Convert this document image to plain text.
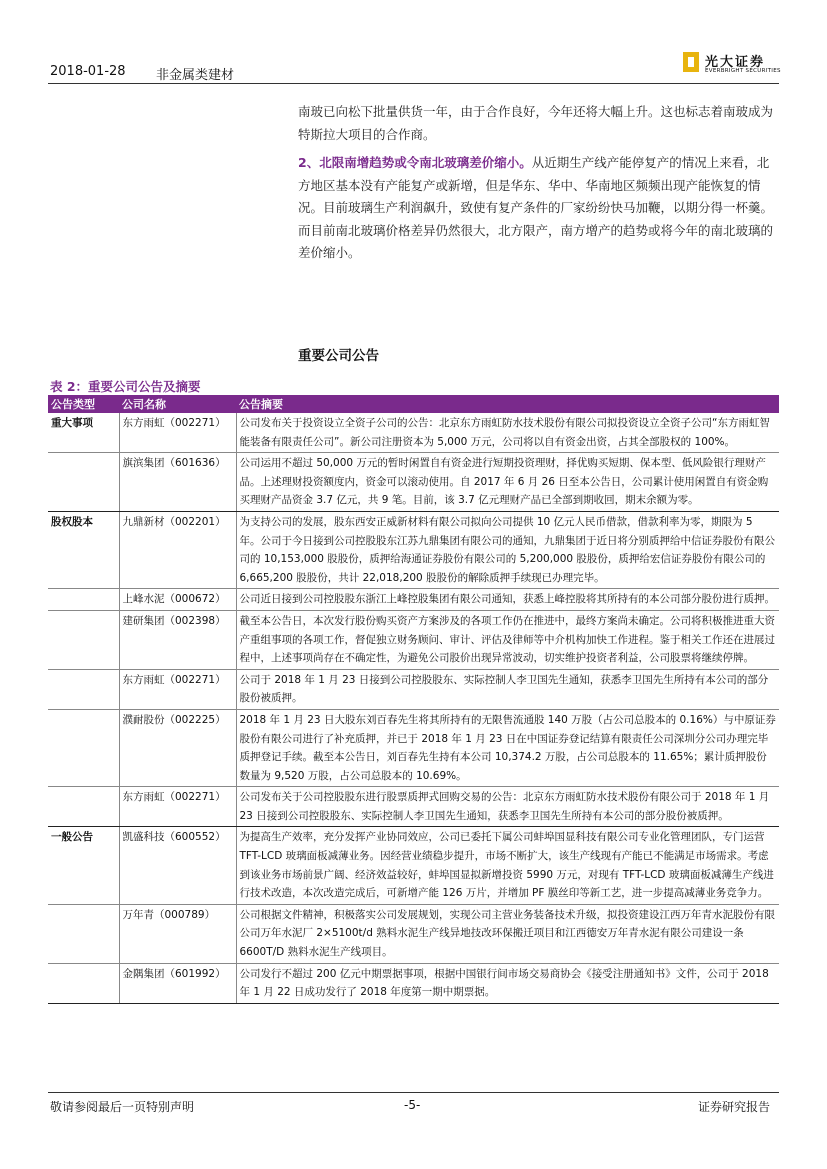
2018-01-28 非金属类建材
光大证券
EVERBRIGHT SECURITIES
南玻已向松下批量供货一年，由于合作良好，今年还将大幅上升。这也标志着南玻成为特斯拉大项目的合作商。
2、北限南增趋势或令南北玻璃差价缩小。从近期生产线产能停复产的情况上来看，北方地区基本没有产能复产或新增，但是华东、华中、华南地区频频出现产能恢复的情况。目前玻璃生产利润飙升，致使有复产条件的厂家纷纷快马加鞭，以期分得一杯羹。而目前南北玻璃价格差异仍然很大，北方限产，南方增产的趋势或将今年的南北玻璃的差价缩小。
重要公司公告
表 2：重要公司公告及摘要
公告类型	公司名称	公告摘要
重大事项	东方雨虹（002271）	公司发布关于投资设立全资子公司的公告：北京东方雨虹防水技术股份有限公司拟投资设立全资子公司“东方雨虹智能装备有限责任公司”。新公司注册资本为 5,000 万元，公司将以自有资金出资，占其全部股权的 100%。
	旗滨集团（601636）	公司运用不超过 50,000 万元的暂时闲置自有资金进行短期投资理财，择优购买短期、保本型、低风险银行理财产品。上述理财投资额度内，资金可以滚动使用。自 2017 年 6 月 26 日至本公告日，公司累计使用闲置自有资金购买理财产品资金 3.7 亿元，共 9 笔。目前，该 3.7 亿元理财产品已全部到期收回，期末余额为零。
股权股本	九鼎新材（002201）	为支持公司的发展，股东西安正威新材料有限公司拟向公司提供 10 亿元人民币借款，借款利率为零，期限为 5 年。公司于今日接到公司控股股东江苏九鼎集团有限公司的通知，九鼎集团于近日将分别质押给中信证券股份有限公司的 10,153,000 股股份，质押给海通证券股份有限公司的 5,200,000 股股份，质押给宏信证券股份有限公司的 6,665,200 股股份，共计 22,018,200 股股份的解除质押手续现已办理完毕。
	上峰水泥（000672）	公司近日接到公司控股股东浙江上峰控股集团有限公司通知，获悉上峰控股将其所持有的本公司部分股份进行质押。
	建研集团（002398）	截至本公告日，本次发行股份购买资产方案涉及的各项工作仍在推进中，最终方案尚未确定。公司将积极推进重大资产重组事项的各项工作，督促独立财务顾问、审计、评估及律师等中介机构加快工作进程。鉴于相关工作还在进展过程中，上述事项尚存在不确定性，为避免公司股价出现异常波动，切实维护投资者利益，公司股票将继续停牌。
	东方雨虹（002271）	公司于 2018 年 1 月 23 日接到公司控股股东、实际控制人李卫国先生通知，获悉李卫国先生所持有本公司的部分股份被质押。
	濮耐股份（002225）	2018 年 1 月 23 日大股东刘百春先生将其所持有的无限售流通股 140 万股（占公司总股本的 0.16%）与中原证券股份有限公司进行了补充质押，并已于 2018 年 1 月 23 日在中国证券登记结算有限责任公司深圳分公司办理完毕质押登记手续。截至本公告日，刘百春先生持有本公司 10,374.2 万股，占公司总股本的 11.65%；累计质押股份数量为 9,520 万股，占公司总股本的 10.69%。
	东方雨虹（002271）	公司发布关于公司控股股东进行股票质押式回购交易的公告：北京东方雨虹防水技术股份有限公司于 2018 年 1 月 23 日接到公司控股股东、实际控制人李卫国先生通知，获悉李卫国先生所持有本公司的部分股份被质押。
一般公告	凯盛科技（600552）	为提高生产效率，充分发挥产业协同效应，公司已委托下属公司蚌埠国显科技有限公司专业化管理团队，专门运营 TFT-LCD 玻璃面板减薄业务。因经营业绩稳步提升，市场不断扩大，该生产线现有产能已不能满足市场需求。考虑到该业务市场前景广阔、经济效益较好，蚌埠国显拟新增投资 5990 万元，对现有 TFT-LCD 玻璃面板减薄生产线进行技术改造，本次改造完成后，可新增产能 126 万片，并增加 PF 膜丝印等新工艺，进一步提高减薄业务竞争力。
	万年青（000789）	公司根据文件精神，积极落实公司发展规划，实现公司主营业务装备技术升级，拟投资建设江西万年青水泥股份有限公司万年水泥厂 2×5100t/d 熟料水泥生产线异地技改环保搬迁项目和江西德安万年青水泥有限公司建设一条 6600T/D 熟料水泥生产线项目。
	金隅集团（601992）	公司发行不超过 200 亿元中期票据事项，根据中国银行间市场交易商协会《接受注册通知书》文件，公司于 2018 年 1 月 22 日成功发行了 2018 年度第一期中期票据。
敬请参阅最后一页特别声明	-5-	证券研究报告
